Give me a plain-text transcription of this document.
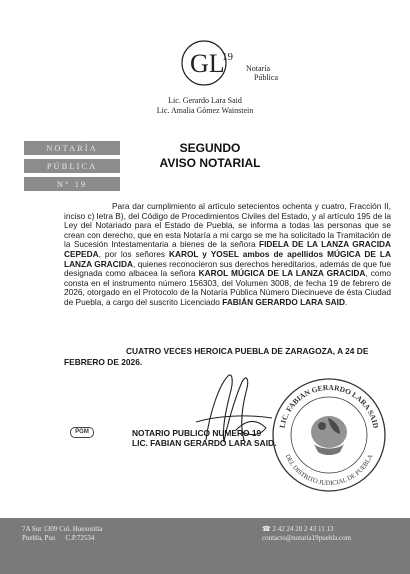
GL
19
Notaría
Pública
Lic. Gerardo Lara Said
Lic. Amalia Gómez Wainstein
NOTARÍA
PÚBLICA
N° 19
SEGUNDO
AVISO NOTARIAL
Para dar cumplimiento al artículo setecientos ochenta y cuatro, Fracción II, inciso c) letra B), del Código de Procedimientos Civiles del Estado, y al artículo 195 de la Ley del Notariado para el Estado de Puebla, se informa a todas las personas que se crean con derecho, que en esta Notaría a mi cargo se me ha solicitado la Tramitación de la Sucesión Intestamentaria a bienes de la señora FIDELA DE LA LANZA GRACIDA CEPEDA, por los señores KAROL y YOSEL ambos de apellidos MÚGICA DE LA LANZA GRACIDA, quienes reconocieron sus derechos hereditarios, además de que fue designada como albacea la señora KAROL MÚGICA DE LA LANZA GRACIDA, como consta en el instrumento número 156303, del Volumen 3008, de fecha 19 de febrero de 2026, otorgado en el Protocolo de la Notaría Pública Número Diecinueve de ésta Ciudad de Puebla, a cargo del suscrito Licenciado FABIÁN GERARDO LARA SAID.
CUATRO VECES HEROICA PUEBLA DE ZARAGOZA, A 24 DE FEBRERO DE 2026.
LIC. FABIAN GERARDO LARA SAID
DEL DISTRITO JUDICIAL DE PUEBLA
PGM	NOTARIO PUBLICO NUMERO 19
LIC. FABIAN GERARDO LARA SAID.
7A Sur 1309 Col. Huexotitla
Puebla, Pue.     C.P.72534
☎ 2 42 24 20 2 43 11 13
contacto@notaria19puebla.com
